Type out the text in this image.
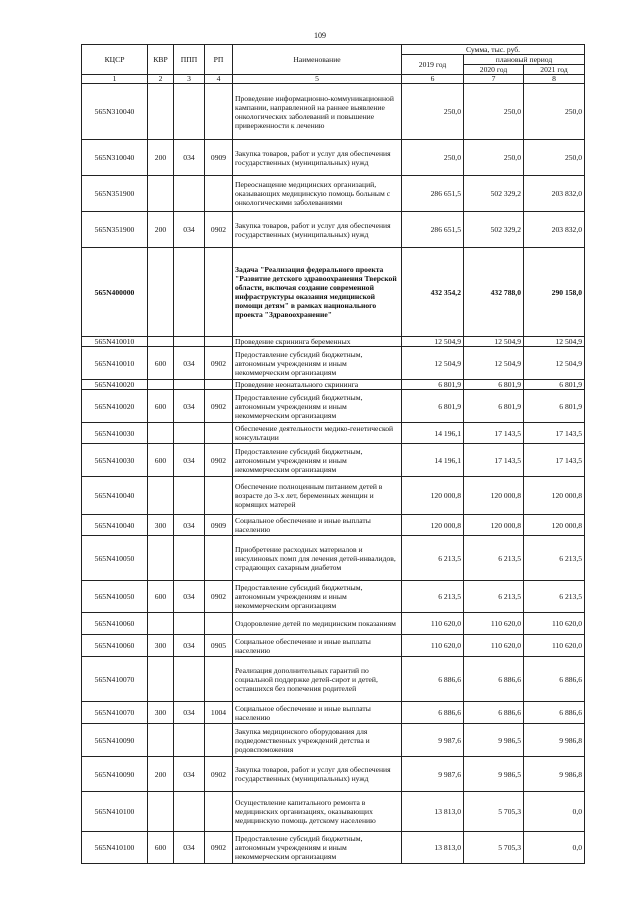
109
КЦСР	КВР	ППП	РП	Наименование	Сумма, тыс. руб.		
					2019 год	плановый период	
						2020 год	2021 год
1	2	3	4	5	6	7	8
565N310040				Проведение информационно-коммуникационной кампании, направленной на раннее выявление онкологических заболеваний и повышение приверженности к лечению	250,0	250,0	250,0
565N310040	200	034	0909	Закупка товаров, работ и услуг для обеспечения государственных (муниципальных) нужд	250,0	250,0	250,0
565N351900				Переоснащение медицинских организаций, оказывающих медицинскую помощь больным с онкологическими заболеваниями	286 651,5	502 329,2	203 832,0
565N351900	200	034	0902	Закупка товаров, работ и услуг для обеспечения государственных (муниципальных) нужд	286 651,5	502 329,2	203 832,0
565N400000				Задача "Реализация федерального проекта "Развитие детского здравоохранения Тверской области, включая создание современной инфраструктуры оказания медицинской помощи детям" в рамках национального проекта "Здравоохранение"	432 354,2	432 788,0	290 158,0
565N410010				Проведение скрининга беременных	12 504,9	12 504,9	12 504,9
565N410010	600	034	0902	Предоставление субсидий бюджетным, автономным учреждениям и иным некоммерческим организациям	12 504,9	12 504,9	12 504,9
565N410020				Проведение неонатального скрининга	6 801,9	6 801,9	6 801,9
565N410020	600	034	0902	Предоставление субсидий бюджетным, автономным учреждениям и иным некоммерческим организациям	6 801,9	6 801,9	6 801,9
565N410030				Обеспечение деятельности медико-генетической консультации	14 196,1	17 143,5	17 143,5
565N410030	600	034	0902	Предоставление субсидий бюджетным, автономным учреждениям и иным некоммерческим организациям	14 196,1	17 143,5	17 143,5
565N410040				Обеспечение полноценным питанием детей в возрасте до 3-х лет, беременных женщин и кормящих матерей	120 000,8	120 000,8	120 000,8
565N410040	300	034	0909	Социальное обеспечение и иные выплаты населению	120 000,8	120 000,8	120 000,8
565N410050				Приобретение расходных материалов и инсулиновых помп для лечения детей-инвалидов, страдающих сахарным диабетом	6 213,5	6 213,5	6 213,5
565N410050	600	034	0902	Предоставление субсидий бюджетным, автономным учреждениям и иным некоммерческим организациям	6 213,5	6 213,5	6 213,5
565N410060				Оздоровление детей по медицинским показаниям	110 620,0	110 620,0	110 620,0
565N410060	300	034	0905	Социальное обеспечение и иные выплаты населению	110 620,0	110 620,0	110 620,0
565N410070				Реализация дополнительных гарантий по социальной поддержке детей-сирот и детей, оставшихся без попечения родителей	6 886,6	6 886,6	6 886,6
565N410070	300	034	1004	Социальное обеспечение и иные выплаты населению	6 886,6	6 886,6	6 886,6
565N410090				Закупка медицинского оборудования для подведомственных учреждений детства и родовспоможения	9 987,6	9 986,5	9 986,8
565N410090	200	034	0902	Закупка товаров, работ и услуг для обеспечения государственных (муниципальных) нужд	9 987,6	9 986,5	9 986,8
565N410100				Осуществление капитального ремонта в медицинских организациях, оказывающих медицинскую помощь детскому населению	13 813,0	5 705,3	0,0
565N410100	600	034	0902	Предоставление субсидий бюджетным, автономным учреждениям и иным некоммерческим организациям	13 813,0	5 705,3	0,0
